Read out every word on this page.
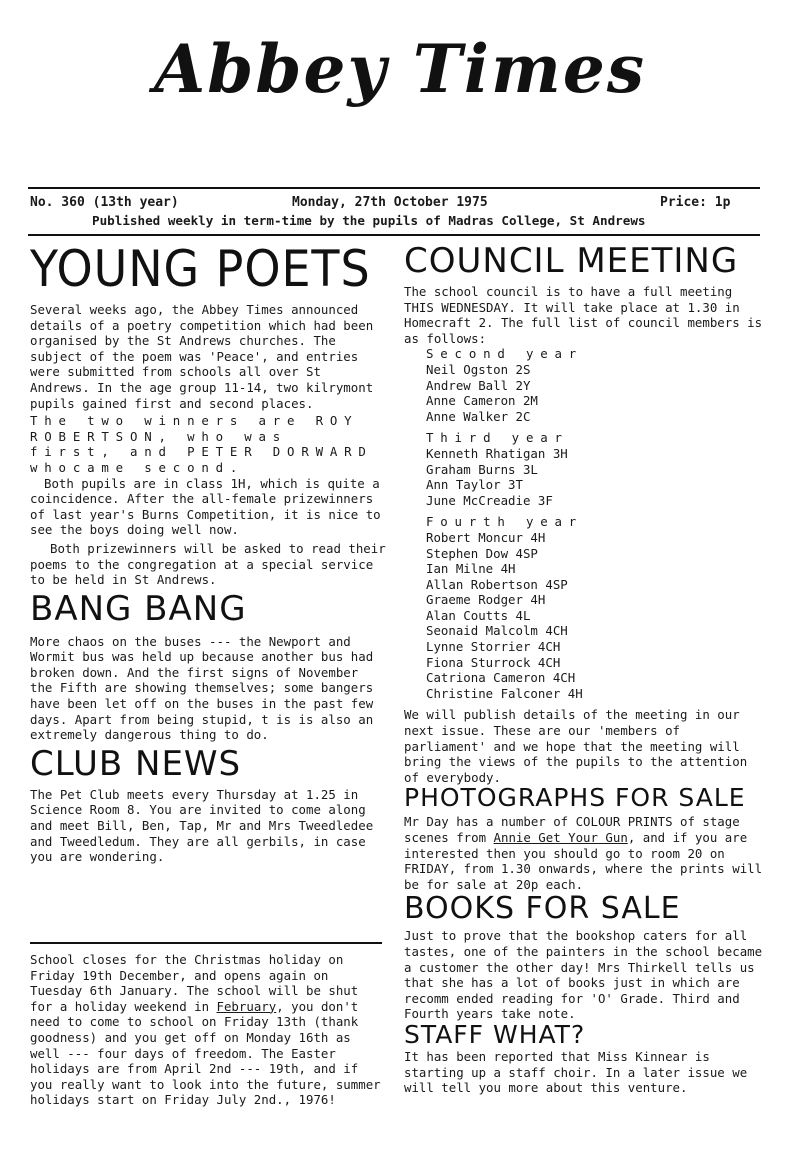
Abbey Times
No. 360 (13th year)	Monday, 27th October 1975	Price: 1p
Published weekly in term-time by the pupils of Madras College, St Andrews
YOUNG POETS

Several weeks ago, the Abbey Times announced details of a poetry competition which had been organised by the St Andrews churches. The subject of the poem was 'Peace', and entries were submitted from schools all over St Andrews. In the age group 11-14, two kilrymont pupils gained first and second places.

The two winners are ROY ROBERTSON, who was first, and PETER DORWARD whocame second.

Both pupils are in class 1H, which is quite a coincidence. After the all-female prizewinners of last year's Burns Competition, it is nice to see the boys doing well now.

Both prizewinners will be asked to read their poems to the congregation at a special service to be held in St Andrews.

BANG BANG

More chaos on the buses --- the Newport and Wormit bus was held up because another bus had broken down. And the first signs of November the Fifth are showing themselves; some bangers have been let off on the buses in the past few days. Apart from being stupid, t is is also an extremely dangerous thing to do.

CLUB NEWS

The Pet Club meets every Thursday at 1.25 in Science Room 8. You are invited to come along and meet Bill, Ben, Tap, Mr and Mrs Tweedledee and Tweedledum. They are all gerbils, in case you are wondering.

School closes for the Christmas holiday on Friday 19th December, and opens again on Tuesday 6th January. The school will be shut for a holiday weekend in February, you don't need to come to school on Friday 13th (thank goodness) and you get off on Monday 16th as well --- four days of freedom. The Easter holidays are from April 2nd --- 19th, and if you really want to look into the future, summer holidays start on Friday July 2nd., 1976!

COUNCIL MEETING

The school council is to have a full meeting THIS WEDNESDAY. It will take place at 1.30 in Homecraft 2. The full list of council members is as follows:

Second year
Neil Ogston 2S
Andrew Ball 2Y
Anne Cameron 2M
Anne Walker 2C
Third year
Kenneth Rhatigan 3H
Graham Burns 3L
Ann Taylor 3T
June McCreadie 3F
Fourth year
Robert Moncur 4H
Stephen Dow 4SP
Ian Milne 4H
Allan Robertson 4SP
Graeme Rodger 4H
Alan Coutts 4L
Seonaid Malcolm 4CH
Lynne Storrier 4CH
Fiona Sturrock 4CH
Catriona Cameron 4CH
Christine Falconer 4H

We will publish details of the meeting in our next issue. These are our 'members of parliament' and we hope that the meeting will bring the views of the pupils to the attention of everybody.

PHOTOGRAPHS FOR SALE

Mr Day has a number of COLOUR PRINTS of stage scenes from Annie Get Your Gun, and if you are interested then you should go to room 20 on FRIDAY, from 1.30 onwards, where the prints will be for sale at 20p each.

BOOKS FOR SALE

Just to prove that the bookshop caters for all tastes, one of the painters in the school became a customer the other day! Mrs Thirkell tells us that she has a lot of books just in which are recomm ended reading for 'O' Grade. Third and Fourth years take note.

STAFF WHAT?

It has been reported that Miss Kinnear is starting up a staff choir. In a later issue we will tell you more about this venture.
